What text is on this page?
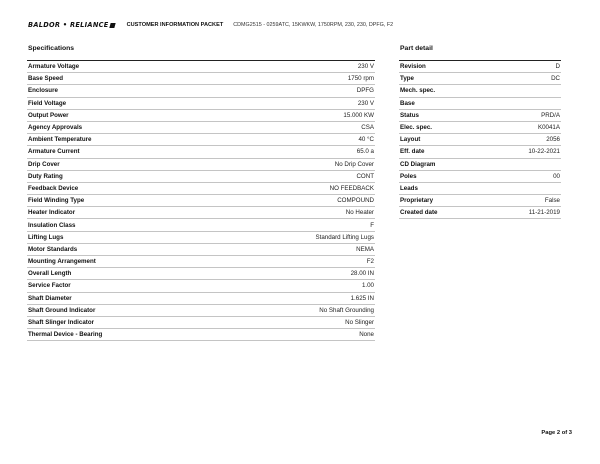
BALDOR • RELIANCE	CUSTOMER INFORMATION PACKET CDMG2515 - 0259ATC, 15KWKW, 1750RPM, 230, 230, DPFG, F2
Specifications	Part detail
Armature Voltage	230 V
Base Speed	1750 rpm
Enclosure	DPFG
Field Voltage	230 V
Output Power	15.000 KW
Agency Approvals	CSA
Ambient Temperature	40 °C
Armature Current	65.0 a
Drip Cover	No Drip Cover
Duty Rating	CONT
Feedback Device	NO FEEDBACK
Field Winding Type	COMPOUND
Heater Indicator	No Heater
Insulation Class	F
Lifting Lugs	Standard Lifting Lugs
Motor Standards	NEMA
Mounting Arrangement	F2
Overall Length	28.00 IN
Service Factor	1.00
Shaft Diameter	1.625 IN
Shaft Ground Indicator	No Shaft Grounding
Shaft Slinger Indicator	No Slinger
Thermal Device - Bearing	None
Revision	D
Type	DC
Mech. spec.
Base
Status	PRD/A
Elec. spec.	K0041A
Layout	2056
Eff. date	10-22-2021
CD Diagram
Poles	00
Leads
Proprietary	False
Created date	11-21-2019
Page 2 of 3
